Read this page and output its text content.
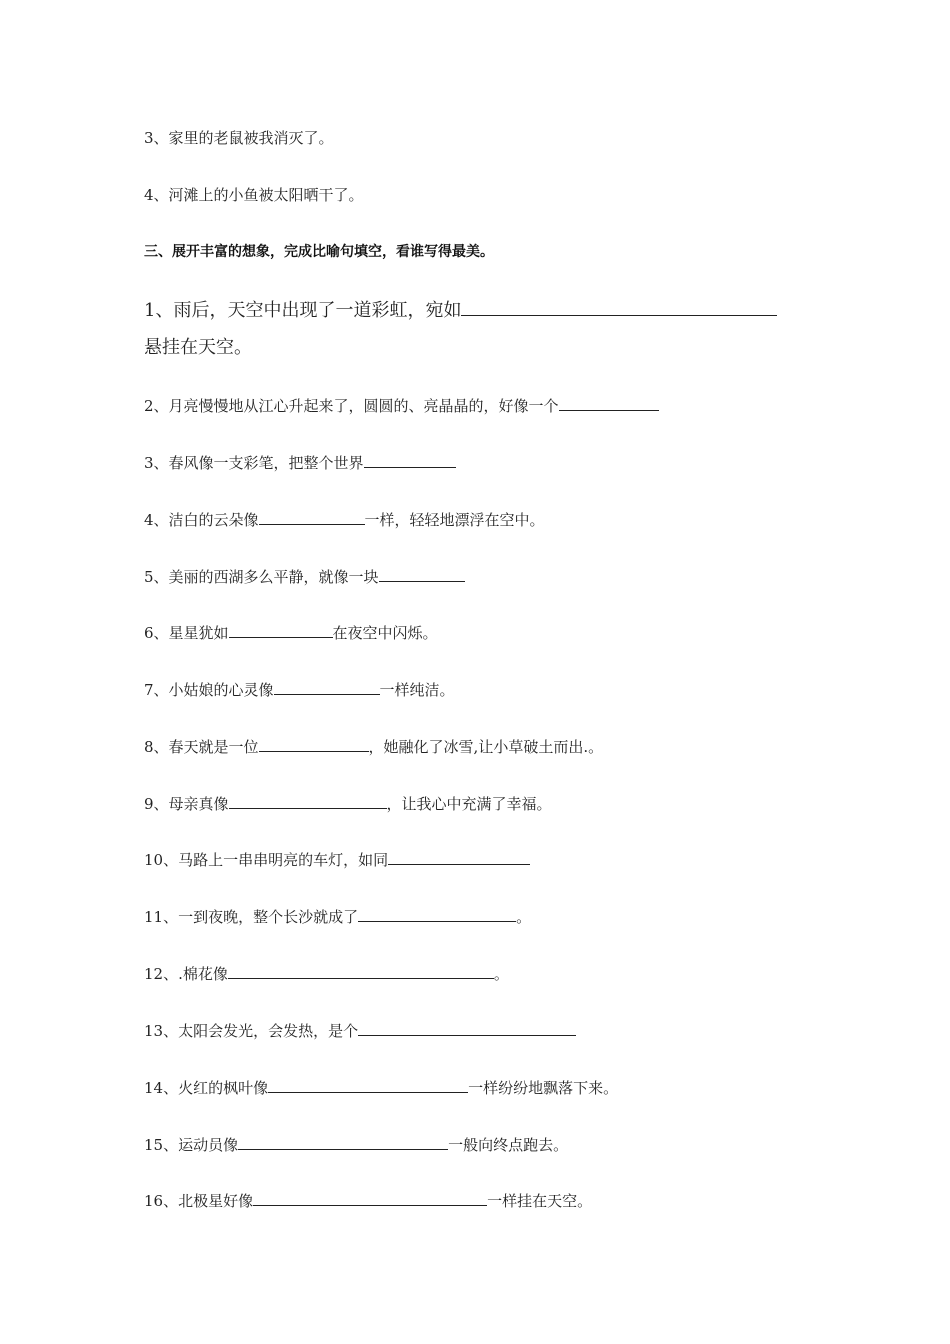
3、家里的老鼠被我消灭了。

4、河滩上的小鱼被太阳晒干了。

三、展开丰富的想象，完成比喻句填空，看谁写得最美。

1、雨后，天空中出现了一道彩虹，宛如

悬挂在天空。

2、月亮慢慢地从江心升起来了，圆圆的、亮晶晶的，好像一个

3、春风像一支彩笔，把整个世界

4、洁白的云朵像	一样，轻轻地漂浮在空中。

5、美丽的西湖多么平静，就像一块

6、星星犹如	在夜空中闪烁。

7、小姑娘的心灵像	一样纯洁。

8、春天就是一位	，她融化了冰雪,让小草破土而出.。

9、母亲真像	，让我心中充满了幸福。

10、马路上一串串明亮的车灯，如同

11、一到夜晚，整个长沙就成了	。

12、.棉花像	。

13、太阳会发光，会发热，是个

14、火红的枫叶像	一样纷纷地飘落下来。

15、运动员像	一般向终点跑去。

16、北极星好像	一样挂在天空。
